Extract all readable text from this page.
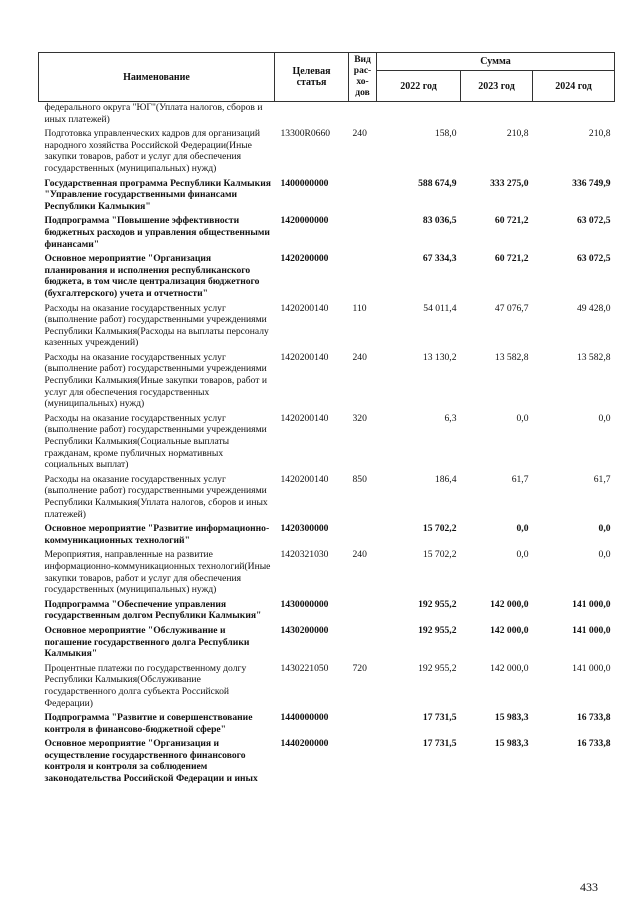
Наименование	Целевая статья	Вид рас- хо- дов	Сумма		
			2022 год	2023 год	2024 год
федерального округа "ЮГ"(Уплата налогов, сборов и иных платежей)					
Подготовка управленческих кадров для организаций народного хозяйства Российской Федерации(Иные закупки товаров, работ и услуг для обеспечения государственных (муниципальных) нужд)	13300R0660	240	158,0	210,8	210,8
Государственная программа Республики Калмыкия "Управление государственными финансами Республики Калмыкия"	1400000000		588 674,9	333 275,0	336 749,9
Подпрограмма "Повышение эффективности бюджетных расходов и управления общественными финансами"	1420000000		83 036,5	60 721,2	63 072,5
Основное мероприятие "Организация планирования и исполнения республиканского бюджета, в том числе централизация бюджетного (бухгалтерского) учета и отчетности"	1420200000		67 334,3	60 721,2	63 072,5
Расходы на оказание государственных услуг (выполнение работ) государственными учреждениями Республики Калмыкия(Расходы на выплаты персоналу казенных учреждений)	1420200140	110	54 011,4	47 076,7	49 428,0
Расходы на оказание государственных услуг (выполнение работ) государственными учреждениями Республики Калмыкия(Иные закупки товаров, работ и услуг для обеспечения государственных (муниципальных) нужд)	1420200140	240	13 130,2	13 582,8	13 582,8
Расходы на оказание государственных услуг (выполнение работ) государственными учреждениями Республики Калмыкия(Социальные выплаты гражданам, кроме публичных нормативных социальных выплат)	1420200140	320	6,3	0,0	0,0
Расходы на оказание государственных услуг (выполнение работ) государственными учреждениями Республики Калмыкия(Уплата налогов, сборов и иных платежей)	1420200140	850	186,4	61,7	61,7
Основное мероприятие "Развитие информационно-коммуникационных технологий"	1420300000		15 702,2	0,0	0,0
Мероприятия, направленные на развитие информационно-коммуникационных технологий(Иные закупки товаров, работ и услуг для обеспечения государственных (муниципальных) нужд)	1420321030	240	15 702,2	0,0	0,0
Подпрограмма "Обеспечение управления государственным долгом Республики Калмыкия"	1430000000		192 955,2	142 000,0	141 000,0
Основное мероприятие "Обслуживание и погашение государственного долга Республики Калмыкия"	1430200000		192 955,2	142 000,0	141 000,0
Процентные платежи по государственному долгу Республики Калмыкия(Обслуживание государственного долга субъекта Российской Федерации)	1430221050	720	192 955,2	142 000,0	141 000,0
Подпрограмма "Развитие и совершенствование контроля в финансово-бюджетной сфере"	1440000000		17 731,5	15 983,3	16 733,8
Основное мероприятие "Организация и осуществление государственного финансового контроля и контроля за соблюдением законодательства Российской Федерации и иных	1440200000		17 731,5	15 983,3	16 733,8
433
